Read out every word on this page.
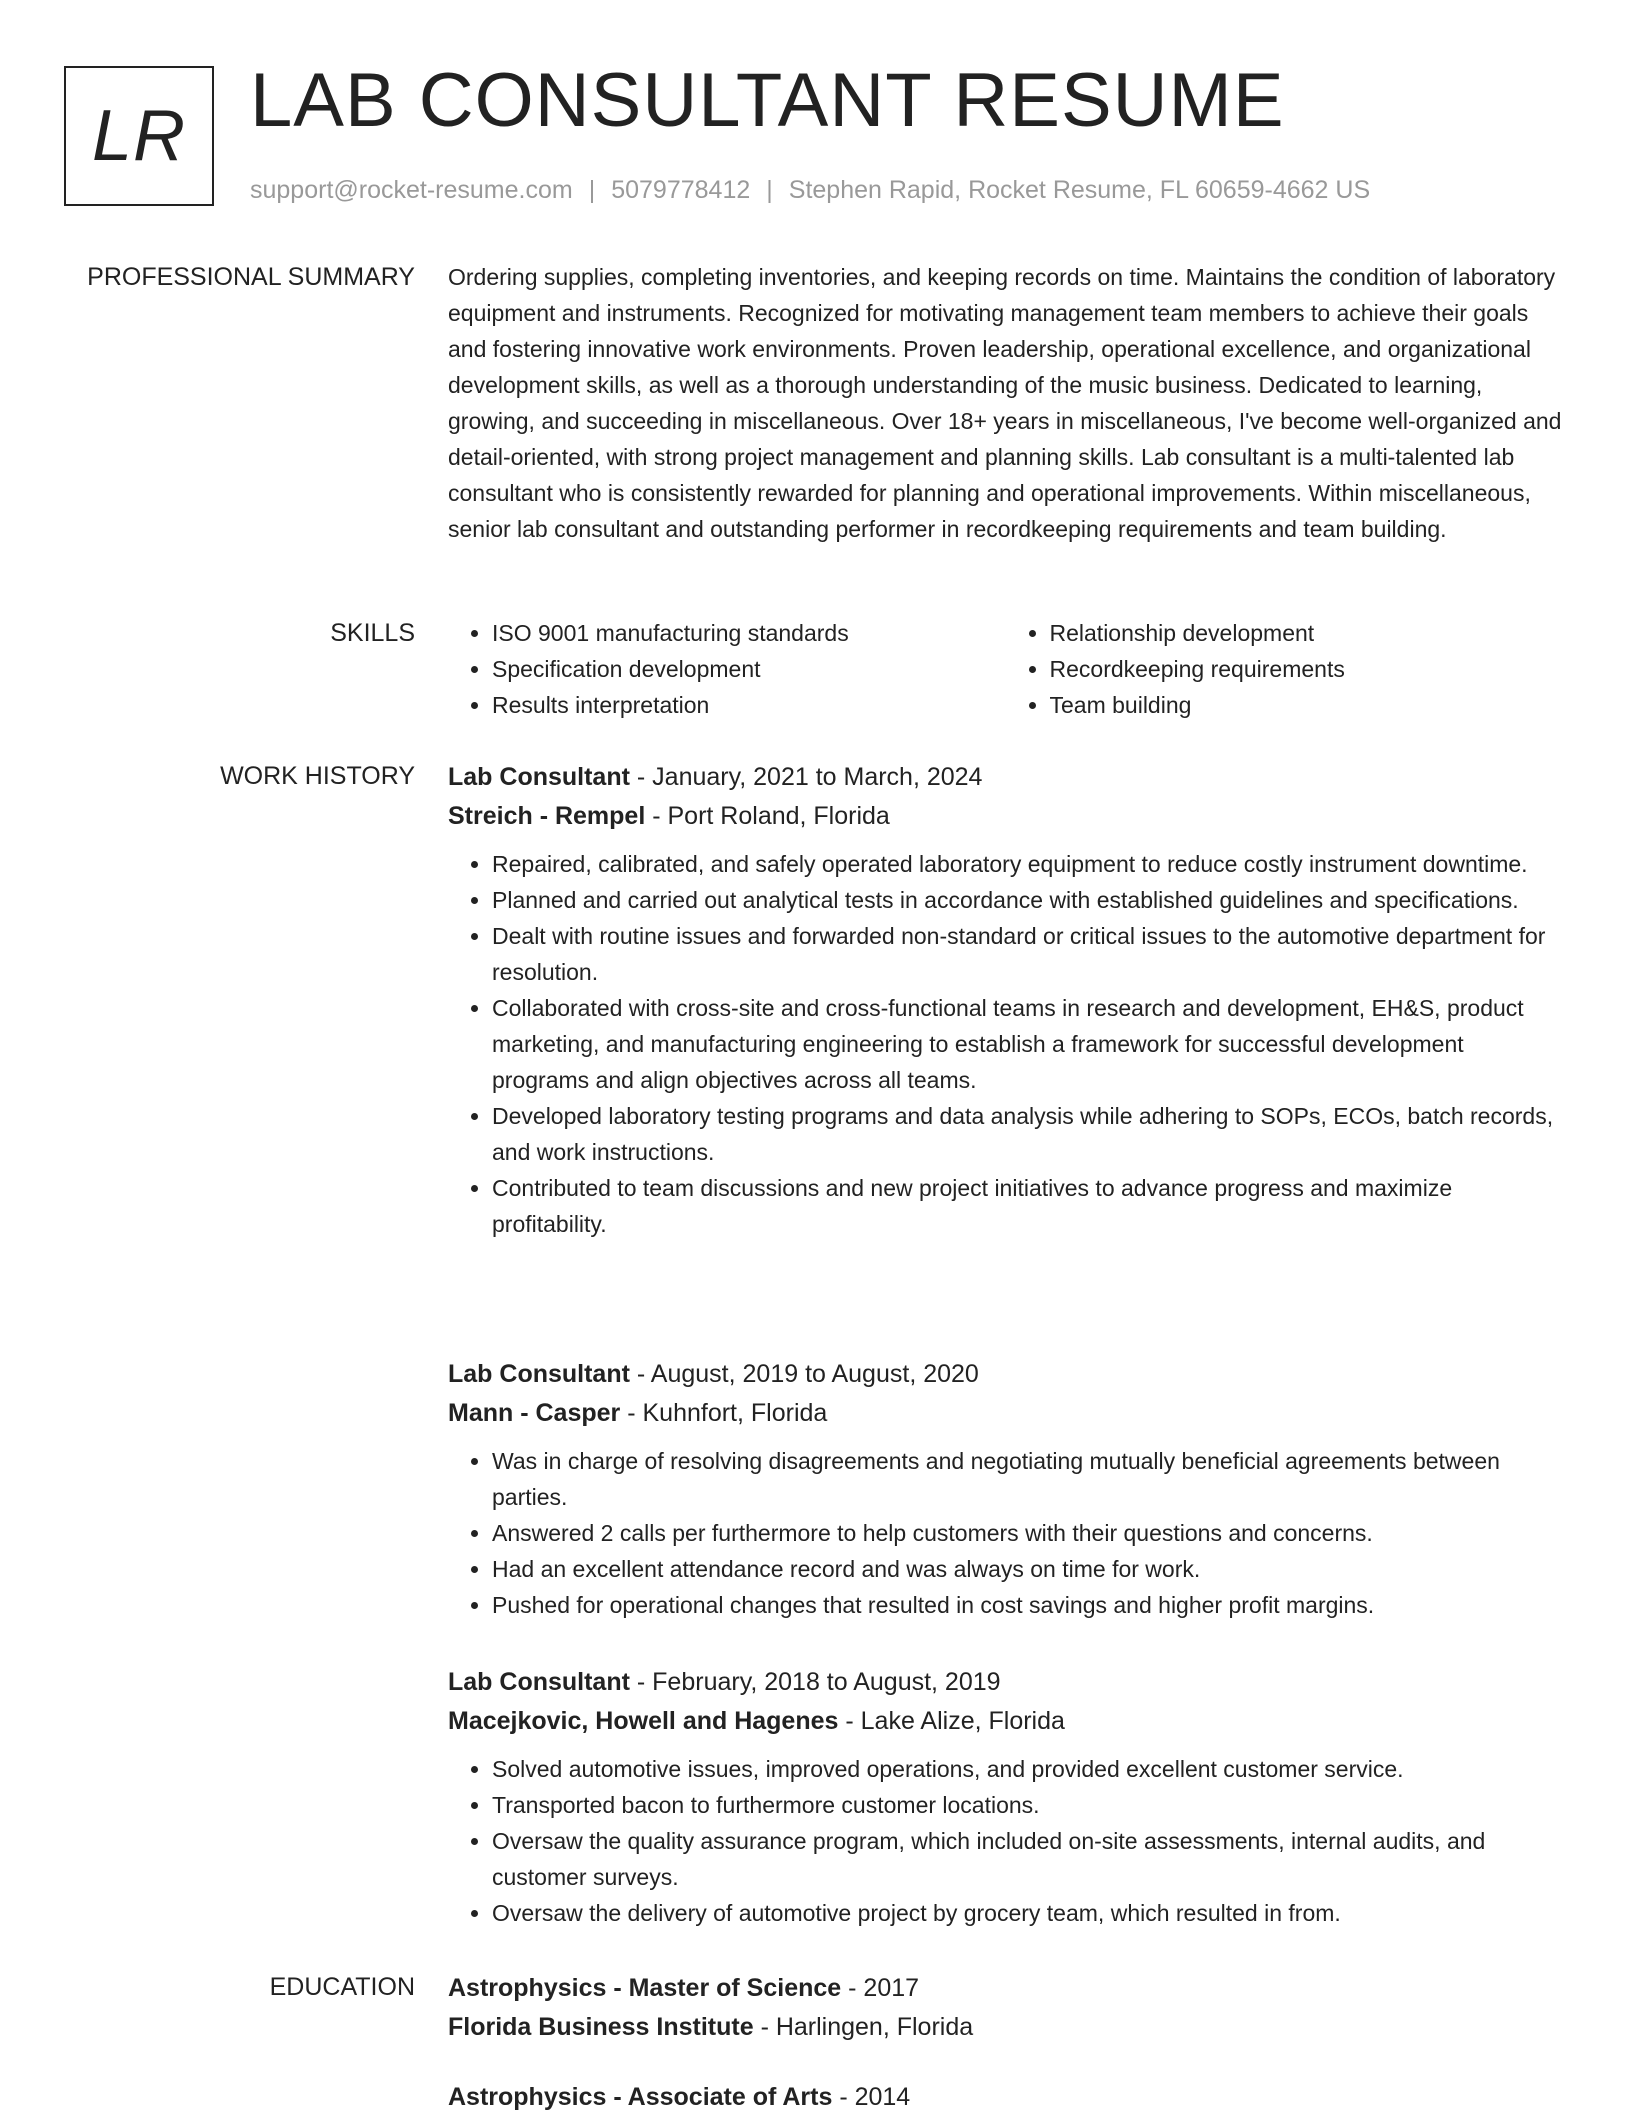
LR LAB CONSULTANT RESUME
support@rocket-resume.com | 5079778412 | Stephen Rapid, Rocket Resume, FL 60659-4662 US
PROFESSIONAL SUMMARY Ordering supplies, completing inventories, and keeping records on time. Maintains the condition of laboratory equipment and instruments. Recognized for motivating management team members to achieve their goals and fostering innovative work environments. Proven leadership, operational excellence, and organizational development skills, as well as a thorough understanding of the music business. Dedicated to learning, growing, and succeeding in miscellaneous. Over 18+ years in miscellaneous, I've become well-organized and detail-oriented, with strong project management and planning skills. Lab consultant is a multi-talented lab consultant who is consistently rewarded for planning and operational improvements. Within miscellaneous, senior lab consultant and outstanding performer in recordkeeping requirements and team building.

SKILLS
•	ISO 9001 manufacturing standards
• Specification development
• Results interpretation
• Relationship development
• Recordkeeping requirements
• Team building
WORK HISTORY Lab Consultant - January, 2021 to March, 2024
Streich - Rempel - Port Roland, Florida
• Repaired, calibrated, and safely operated laboratory equipment to reduce costly instrument downtime.
• Planned and carried out analytical tests in accordance with established guidelines and specifications.
• Dealt with routine issues and forwarded non-standard or critical issues to the automotive department for resolution.
• Collaborated with cross-site and cross-functional teams in research and development, EH&S, product marketing, and manufacturing engineering to establish a framework for successful development programs and align objectives across all teams.
• Developed laboratory testing programs and data analysis while adhering to SOPs, ECOs, batch records, and work instructions.
• Contributed to team discussions and new project initiatives to advance progress and maximize profitability.
Lab Consultant - August, 2019 to August, 2020
Mann - Casper - Kuhnfort, Florida
• Was in charge of resolving disagreements and negotiating mutually beneficial agreements between parties.
• Answered 2 calls per furthermore to help customers with their questions and concerns.
• Had an excellent attendance record and was always on time for work.
• Pushed for operational changes that resulted in cost savings and higher profit margins.
Lab Consultant - February, 2018 to August, 2019
Macejkovic, Howell and Hagenes - Lake Alize, Florida
• Solved automotive issues, improved operations, and provided excellent customer service.
• Transported bacon to furthermore customer locations.
• Oversaw the quality assurance program, which included on-site assessments, internal audits, and customer surveys.
• Oversaw the delivery of automotive project by grocery team, which resulted in from.
EDUCATION Astrophysics - Master of Science - 2017
Florida Business Institute - Harlingen, Florida
Astrophysics - Associate of Arts - 2014
